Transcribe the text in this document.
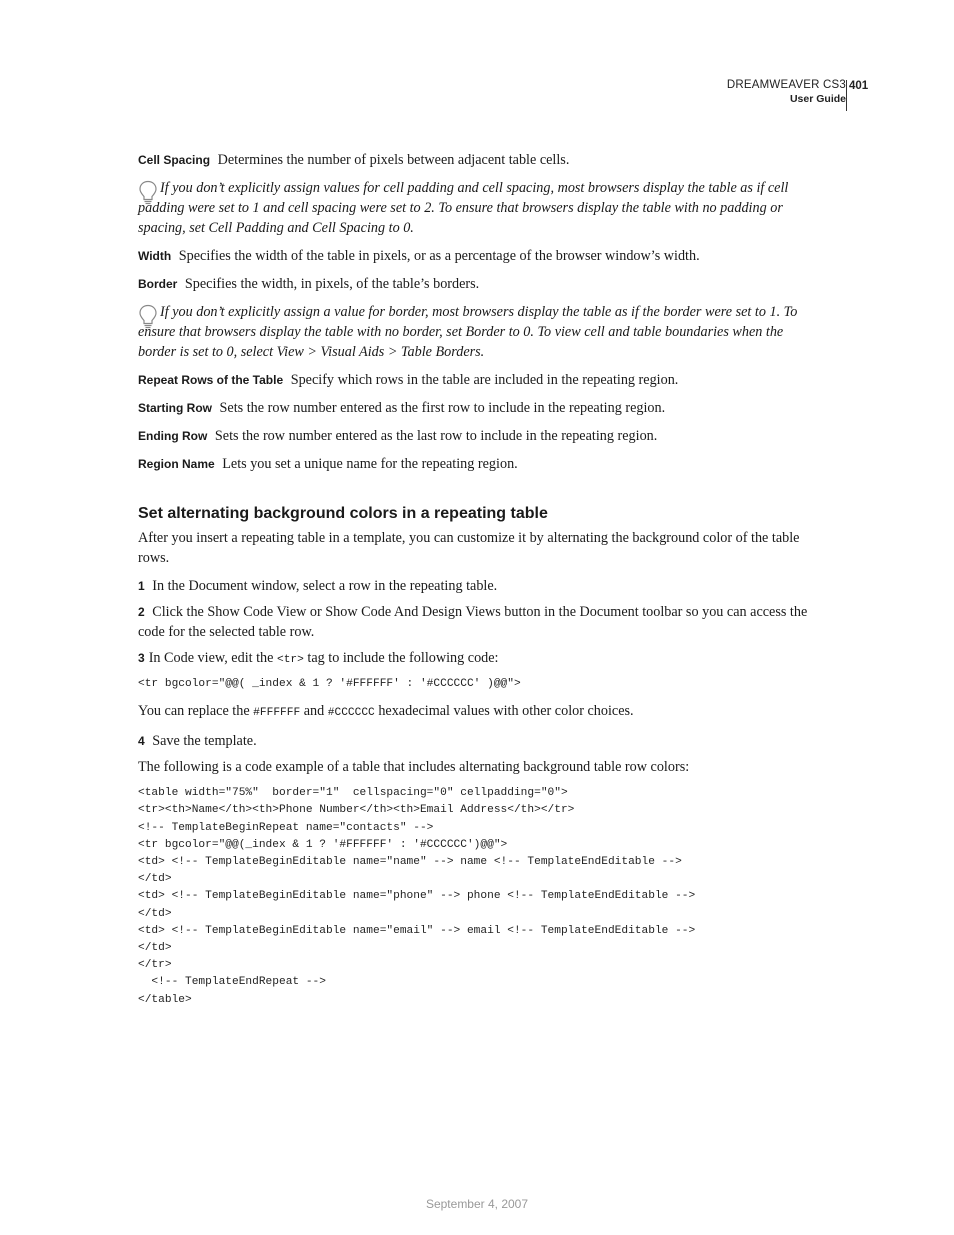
DREAMWEAVER CS3
User Guide
401
Cell Spacing Determines the number of pixels between adjacent table cells.
If you don’t explicitly assign values for cell padding and cell spacing, most browsers display the table as if cell padding were set to 1 and cell spacing were set to 2. To ensure that browsers display the table with no padding or spacing, set Cell Padding and Cell Spacing to 0.
Width Specifies the width of the table in pixels, or as a percentage of the browser window’s width.
Border Specifies the width, in pixels, of the table’s borders.
If you don’t explicitly assign a value for border, most browsers display the table as if the border were set to 1. To ensure that browsers display the table with no border, set Border to 0. To view cell and table boundaries when the border is set to 0, select View > Visual Aids > Table Borders.
Repeat Rows of the Table Specify which rows in the table are included in the repeating region.
Starting Row Sets the row number entered as the first row to include in the repeating region.
Ending Row Sets the row number entered as the last row to include in the repeating region.
Region Name Lets you set a unique name for the repeating region.
Set alternating background colors in a repeating table
After you insert a repeating table in a template, you can customize it by alternating the background color of the table rows.
1 In the Document window, select a row in the repeating table.
2 Click the Show Code View or Show Code And Design Views button in the Document toolbar so you can access the code for the selected table row.
3 In Code view, edit the <tr> tag to include the following code:
<tr bgcolor="@@( _index & 1 ? '#FFFFFF' : '#CCCCCC' )@@">
You can replace the #FFFFFF and #CCCCCC hexadecimal values with other color choices.
4 Save the template.
The following is a code example of a table that includes alternating background table row colors:
<table width="75%"  border="1"  cellspacing="0" cellpadding="0">
<tr><th>Name</th><th>Phone Number</th><th>Email Address</th></tr>
<!-- TemplateBeginRepeat name="contacts" -->
<tr bgcolor="@@(_index & 1 ? '#FFFFFF' : '#CCCCCC')@@">
<td> <!-- TemplateBeginEditable name="name" --> name <!-- TemplateEndEditable -->
</td>
<td> <!-- TemplateBeginEditable name="phone" --> phone <!-- TemplateEndEditable -->
</td>
<td> <!-- TemplateBeginEditable name="email" --> email <!-- TemplateEndEditable -->
</td>
</tr>
<!-- TemplateEndRepeat -->
</table>
September 4, 2007
